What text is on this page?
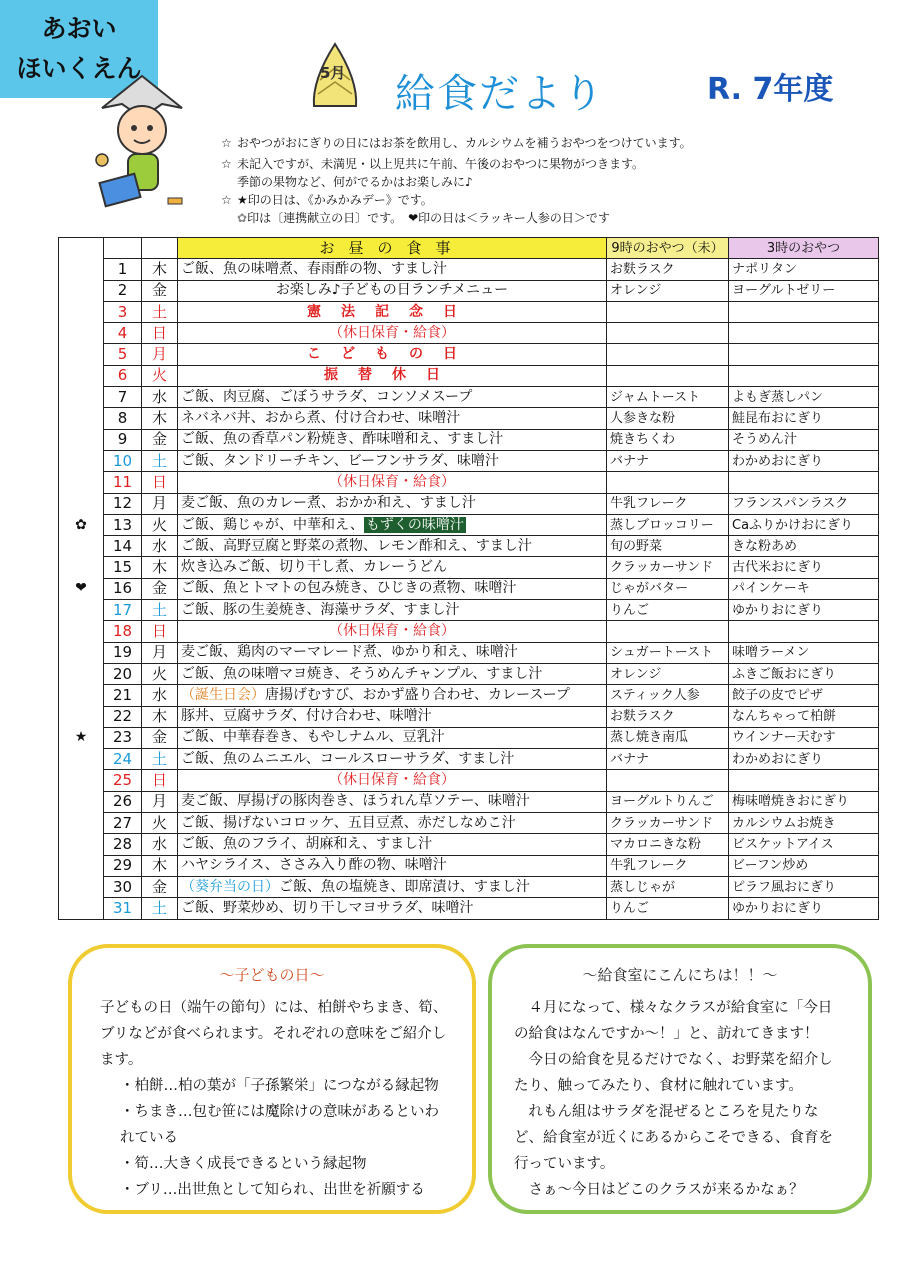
5月 給食だより	R. 7年度
あおい
ほいくえん
☆ おやつがおにぎりの日にはお茶を飲用し、カルシウムを補うおやつをつけています。
☆ 未記入ですが、未満児・以上児共に午前、午後のおやつに果物がつきます。
季節の果物など、何がでるかはお楽しみに♪
☆ ★印の日は、《かみかみデー》です。
✿印は〔連携献立の日〕です。　❤印の日は＜ラッキー人参の日＞です
			お昼の食事	9時のおやつ（未）	3時のおやつ
	1	木	ご飯、魚の味噌煮、春雨酢の物、すまし汁	お麩ラスク	ナポリタン
	2	金	お楽しみ♪子どもの日ランチメニュー	オレンジ	ヨーグルトゼリー
	3	土	憲法記念日		
	4	日	（休日保育・給食）		
	5	月	こどもの日		
	6	火	振替休日		
	7	水	ご飯、肉豆腐、ごぼうサラダ、コンソメスープ	ジャムトースト	よもぎ蒸しパン
	8	木	ネバネバ丼、おから煮、付け合わせ、味噌汁	人参きな粉	鮭昆布おにぎり
	9	金	ご飯、魚の香草パン粉焼き、酢味噌和え、すまし汁	焼きちくわ	そうめん汁
	10	土	ご飯、タンドリーチキン、ビーフンサラダ、味噌汁	バナナ	わかめおにぎり
	11	日	（休日保育・給食）		
	12	月	麦ご飯、魚のカレー煮、おかか和え、すまし汁	牛乳フレーク	フランスパンラスク
✿	13	火	ご飯、鶏じゃが、中華和え、 もずくの味噌汁	蒸しブロッコリー	Caふりかけおにぎり
	14	水	ご飯、高野豆腐と野菜の煮物、レモン酢和え、すまし汁	旬の野菜	きな粉あめ
	15	木	炊き込みご飯、切り干し煮、カレーうどん	クラッカーサンド	古代米おにぎり
❤	16	金	ご飯、魚とトマトの包み焼き、ひじきの煮物、味噌汁	じゃがバター	パインケーキ
	17	土	ご飯、豚の生姜焼き、海藻サラダ、すまし汁	りんご	ゆかりおにぎり
	18	日	（休日保育・給食）		
	19	月	麦ご飯、鶏肉のマーマレード煮、ゆかり和え、味噌汁	シュガートースト	味噌ラーメン
	20	火	ご飯、魚の味噌マヨ焼き、そうめんチャンプル、すまし汁	オレンジ	ふきご飯おにぎり
	21	水	（誕生日会）唐揚げむすび、おかず盛り合わせ、カレースープ	スティック人参	餃子の皮でピザ
	22	木	豚丼、豆腐サラダ、付け合わせ、味噌汁	お麩ラスク	なんちゃって柏餅
★	23	金	ご飯、中華春巻き、もやしナムル、豆乳汁	蒸し焼き南瓜	ウインナー天むす
	24	土	ご飯、魚のムニエル、コールスローサラダ、すまし汁	バナナ	わかめおにぎり
	25	日	（休日保育・給食）		
	26	月	麦ご飯、厚揚げの豚肉巻き、ほうれん草ソテー、味噌汁	ヨーグルトりんご	梅味噌焼きおにぎり
	27	火	ご飯、揚げないコロッケ、五目豆煮、赤だしなめこ汁	クラッカーサンド	カルシウムお焼き
	28	水	ご飯、魚のフライ、胡麻和え、すまし汁	マカロニきな粉	ビスケットアイス
	29	木	ハヤシライス、ささみ入り酢の物、味噌汁	牛乳フレーク	ビーフン炒め
	30	金	（葵弁当の日）ご飯、魚の塩焼き、即席漬け、すまし汁	蒸しじゃが	ピラフ風おにぎり
	31	土	ご飯、野菜炒め、切り干しマヨサラダ、味噌汁	りんご	ゆかりおにぎり
～子どもの日～

子どもの日（端午の節句）には、柏餅やちまき、筍、ブリなどが食べられます。それぞれの意味をご紹介します。

・柏餅…柏の葉が「子孫繁栄」につながる縁起物
・ちまき…包む笹には魔除けの意味があるといわれている
・筍…大きく成長できるという縁起物
・ブリ…出世魚として知られ、出世を祈願する
～給食室にこんにちは！！～

４月になって、様々なクラスが給食室に「今日の給食はなんですか～！」と、訪れてきます！

今日の給食を見るだけでなく、お野菜を紹介したり、触ってみたり、食材に触れています。

れもん組はサラダを混ぜるところを見たりなど、給食室が近くにあるからこそできる、食育を行っています。

さぁ～今日はどこのクラスが来るかなぁ？
